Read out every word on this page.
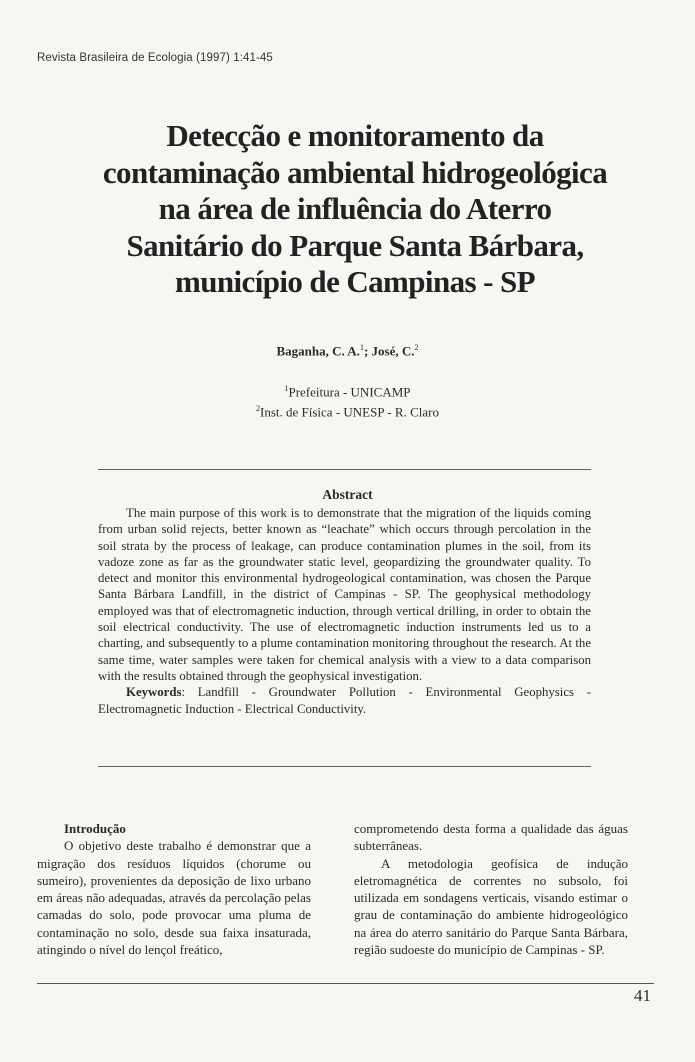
Revista Brasileira de Ecologia (1997) 1:41-45
Detecção e monitoramento da
contaminação ambiental hidrogeológica
na área de influência do Aterro
Sanitário do Parque Santa Bárbara,
município de Campinas - SP
Baganha, C. A.$^1$; José, C.$^2$
$^1$Prefeitura - UNICAMP
$^2$Inst. de Física - UNESP - R. Claro
Abstract
The main purpose of this work is to demonstrate that the migration of the liquids coming from urban solid rejects, better known as “leachate” which occurs through percolation in the soil strata by the process of leakage, can produce contamination plumes in the soil, from its vadoze zone as far as the groundwater static level, geopardizing the groundwater quality. To detect and monitor this environmental hydrogeological contamination, was chosen the Parque Santa Bárbara Landfill, in the district of Campinas - SP. The geophysical methodology employed was that of electromagnetic induction, through vertical drilling, in order to obtain the soil electrical conductivity. The use of electromagnetic induction instruments led us to a charting, and subsequently to a plume contamination monitoring throughout the research. At the same time, water samples were taken for chemical analysis with a view to a data comparison with the results obtained through the geophysical investigation.
Keywords: Landfill - Groundwater Pollution - Environmental Geophysics - Electromagnetic Induction - Electrical Conductivity.
Introdução

O objetivo deste trabalho é demonstrar que a migração dos resíduos líquidos (chorume ou sumeiro), provenientes da deposição de lixo urbano em áreas não adequadas, através da percolação pelas camadas do solo, pode provocar uma pluma de contaminação no solo, desde sua faixa insaturada, atingindo o nível do lençol freático,

comprometendo desta forma a qualidade das águas subterrâneas.

A metodologia geofísica de indução eletromagnética de correntes no subsolo, foi utilizada em sondagens verticais, visando estimar o grau de contaminação do ambiente hidrogeológico na área do aterro sanitário do Parque Santa Bárbara, região sudoeste do município de Campinas - SP.

41
